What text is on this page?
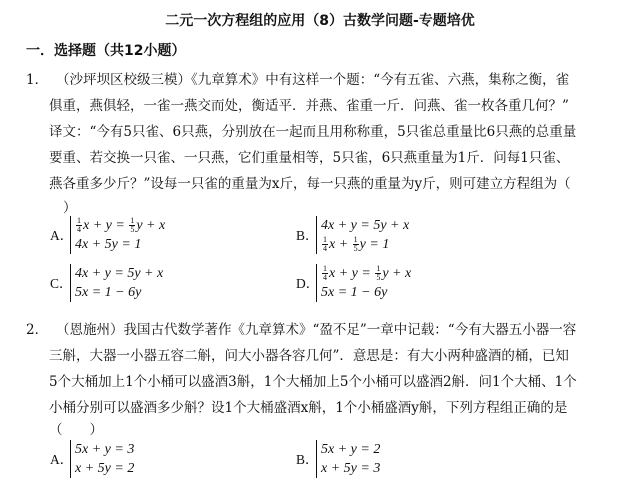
二元一次方程组的应用（8）古数学问题-专题培优
一．选择题（共12小题）
1． （沙坪坝区校级三模）《九章算术》中有这样一个题：“今有五雀、六燕，集称之衡，雀
俱重，燕俱轻，一雀一燕交而处，衡适平．并燕、雀重一斤．问燕、雀一枚各重几何？”
译文：“今有5只雀、6只燕，分别放在一起而且用称称重，5只雀总重量比6只燕的总重量
要重、若交换一只雀、一只燕，它们重量相等，5只雀，6只燕重量为1斤．问每1只雀、
燕各重多少斤？”设每一只雀的重量为x斤，每一只燕的重量为y斤，则可建立方程组为（
）
A．
$\frac{1}{4}$ $x + y = \frac{1}{5}$ y + x
4x + 5y = 1
B．
4x + y = 5y + x
$\frac{1}{4}$ $x + \frac{1}{5}$ y = 1
C．
4x + y = 5y + x
5x = 1 − 6y
D．
$\frac{1}{4}$ $x + y = \frac{1}{5}$ y + x
5x = 1 − 6y
2． （恩施州）我国古代数学著作《九章算术》“盈不足”一章中记载：“今有大器五小器一容
三斛，大器一小器五容二斛，问大小器各容几何”．意思是：有大小两种盛酒的桶，已知
5个大桶加上1个小桶可以盛酒3斛，1个大桶加上5个小桶可以盛酒2斛．问1个大桶、1个
小桶分别可以盛酒多少斛？设1个大桶盛酒x斛，1个小桶盛酒y斛，下列方程组正确的是
（　　）
A．
5x + y = 3
x + 5y = 2
B．
5x + y = 2
x + 5y = 3
